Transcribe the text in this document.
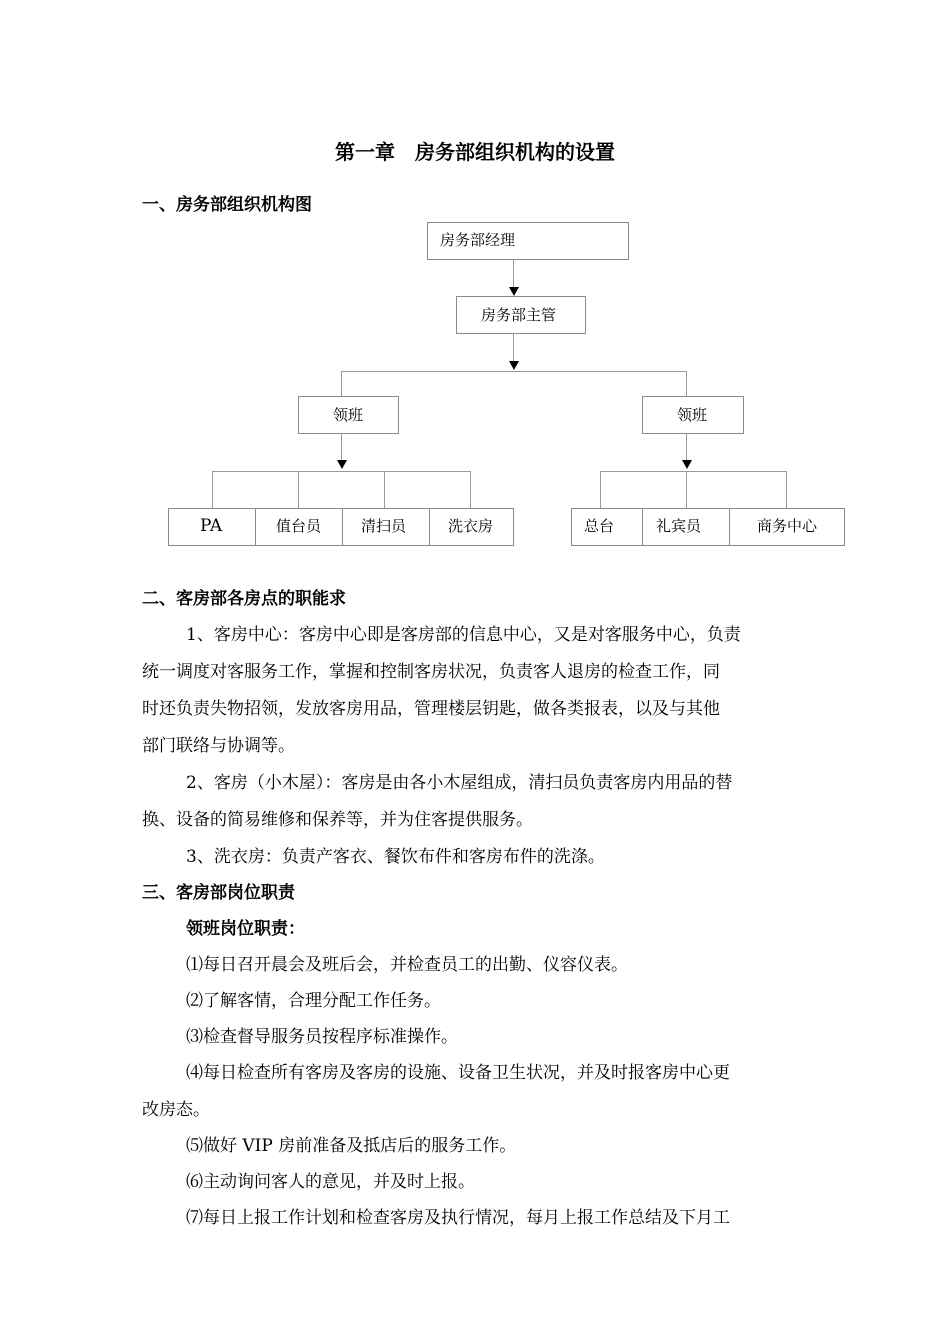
第一章　房务部组织机构的设置
一、房务部组织机构图
房务部经理
房务部主管
领班	领班
PA	值台员	清扫员	洗衣房	总台	礼宾员	商务中心
二、客房部各房点的职能求
1、客房中心：客房中心即是客房部的信息中心，又是对客服务中心，负责
统一调度对客服务工作，掌握和控制客房状况，负责客人退房的检查工作，同
时还负责失物招领，发放客房用品，管理楼层钥匙，做各类报表，以及与其他
部门联络与协调等。
2、客房（小木屋）：客房是由各小木屋组成，清扫员负责客房内用品的替
换、设备的简易维修和保养等，并为住客提供服务。
3、洗衣房：负责产客衣、餐饮布件和客房布件的洗涤。
三、客房部岗位职责
领班岗位职责：
⑴每日召开晨会及班后会，并检查员工的出勤、仪容仪表。
⑵了解客情，合理分配工作任务。
⑶检查督导服务员按程序标准操作。
⑷每日检查所有客房及客房的设施、设备卫生状况，并及时报客房中心更
改房态。
⑸做好 VIP 房前准备及抵店后的服务工作。
⑹主动询问客人的意见，并及时上报。
⑺每日上报工作计划和检查客房及执行情况，每月上报工作总结及下月工
